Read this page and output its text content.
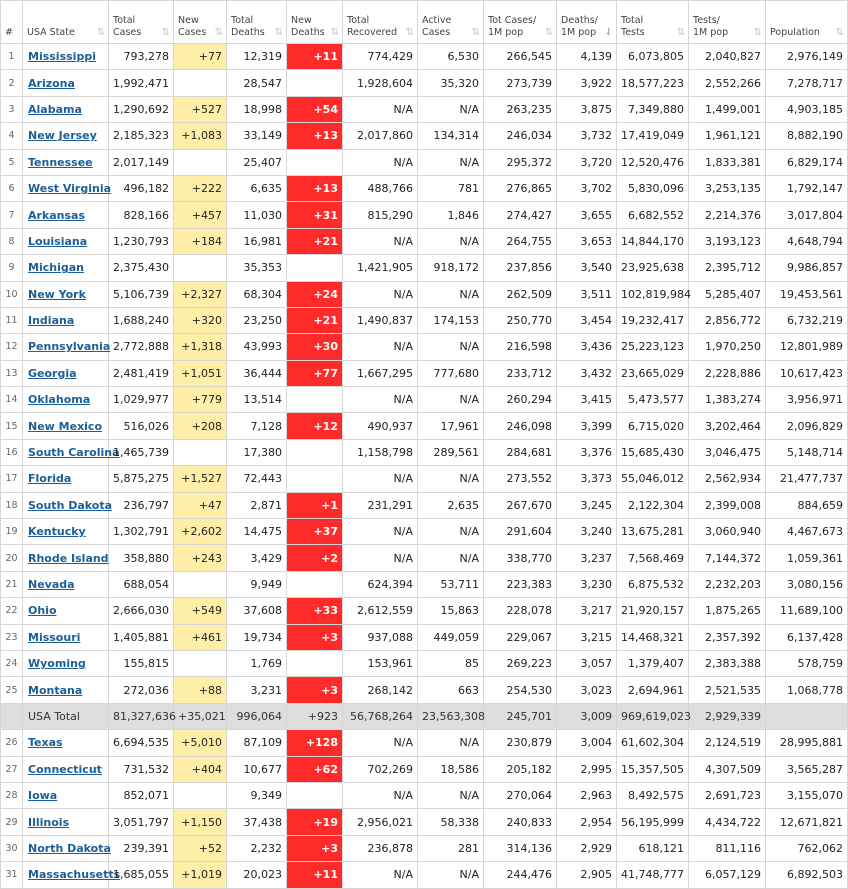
#	USA State ⇅	Total Cases ⇅	New Cases ⇅	Total Deaths ⇅	New Deaths ⇅	Total Recovered ⇅	Active Cases ⇅	Tot Cases/ 1M pop ⇅	Deaths/ 1M pop ⇃	Total Tests ⇅	Tests/ 1M pop ⇅	Population ⇅

1	Mississippi	793,278	+77	12,319	+11	774,429	6,530	266,545	4,139	6,073,805	2,040,827	2,976,149
2	Arizona	1,992,471		28,547		1,928,604	35,320	273,739	3,922	18,577,223	2,552,266	7,278,717
3	Alabama	1,290,692	+527	18,998	+54	N/A	N/A	263,235	3,875	7,349,880	1,499,001	4,903,185
4	New Jersey	2,185,323	+1,083	33,149	+13	2,017,860	134,314	246,034	3,732	17,419,049	1,961,121	8,882,190
5	Tennessee	2,017,149		25,407		N/A	N/A	295,372	3,720	12,520,476	1,833,381	6,829,174
6	West Virginia	496,182	+222	6,635	+13	488,766	781	276,865	3,702	5,830,096	3,253,135	1,792,147
7	Arkansas	828,166	+457	11,030	+31	815,290	1,846	274,427	3,655	6,682,552	2,214,376	3,017,804
8	Louisiana	1,230,793	+184	16,981	+21	N/A	N/A	264,755	3,653	14,844,170	3,193,123	4,648,794
9	Michigan	2,375,430		35,353		1,421,905	918,172	237,856	3,540	23,925,638	2,395,712	9,986,857
10	New York	5,106,739	+2,327	68,304	+24	N/A	N/A	262,509	3,511	102,819,984	5,285,407	19,453,561
11	Indiana	1,688,240	+320	23,250	+21	1,490,837	174,153	250,770	3,454	19,232,417	2,856,772	6,732,219
12	Pennsylvania	2,772,888	+1,318	43,993	+30	N/A	N/A	216,598	3,436	25,223,123	1,970,250	12,801,989
13	Georgia	2,481,419	+1,051	36,444	+77	1,667,295	777,680	233,712	3,432	23,665,029	2,228,886	10,617,423
14	Oklahoma	1,029,977	+779	13,514		N/A	N/A	260,294	3,415	5,473,577	1,383,274	3,956,971
15	New Mexico	516,026	+208	7,128	+12	490,937	17,961	246,098	3,399	6,715,020	3,202,464	2,096,829
16	South Carolina	1,465,739		17,380		1,158,798	289,561	284,681	3,376	15,685,430	3,046,475	5,148,714
17	Florida	5,875,275	+1,527	72,443		N/A	N/A	273,552	3,373	55,046,012	2,562,934	21,477,737
18	South Dakota	236,797	+47	2,871	+1	231,291	2,635	267,670	3,245	2,122,304	2,399,008	884,659
19	Kentucky	1,302,791	+2,602	14,475	+37	N/A	N/A	291,604	3,240	13,675,281	3,060,940	4,467,673
20	Rhode Island	358,880	+243	3,429	+2	N/A	N/A	338,770	3,237	7,568,469	7,144,372	1,059,361
21	Nevada	688,054		9,949		624,394	53,711	223,383	3,230	6,875,532	2,232,203	3,080,156
22	Ohio	2,666,030	+549	37,608	+33	2,612,559	15,863	228,078	3,217	21,920,157	1,875,265	11,689,100
23	Missouri	1,405,881	+461	19,734	+3	937,088	449,059	229,067	3,215	14,468,321	2,357,392	6,137,428
24	Wyoming	155,815		1,769		153,961	85	269,223	3,057	1,379,407	2,383,388	578,759
25	Montana	272,036	+88	3,231	+3	268,142	663	254,530	3,023	2,694,961	2,521,535	1,068,778
	USA Total	81,327,636	+35,021	996,064	+923	56,768,264	23,563,308	245,701	3,009	969,619,023	2,929,339	
26	Texas	6,694,535	+5,010	87,109	+128	N/A	N/A	230,879	3,004	61,602,304	2,124,519	28,995,881
27	Connecticut	731,532	+404	10,677	+62	702,269	18,586	205,182	2,995	15,357,505	4,307,509	3,565,287
28	Iowa	852,071		9,349		N/A	N/A	270,064	2,963	8,492,575	2,691,723	3,155,070
29	Illinois	3,051,797	+1,150	37,438	+19	2,956,021	58,338	240,833	2,954	56,195,999	4,434,722	12,671,821
30	North Dakota	239,391	+52	2,232	+3	236,878	281	314,136	2,929	618,121	811,116	762,062
31	Massachusetts	1,685,055	+1,019	20,023	+11	N/A	N/A	244,476	2,905	41,748,777	6,057,129	6,892,503
